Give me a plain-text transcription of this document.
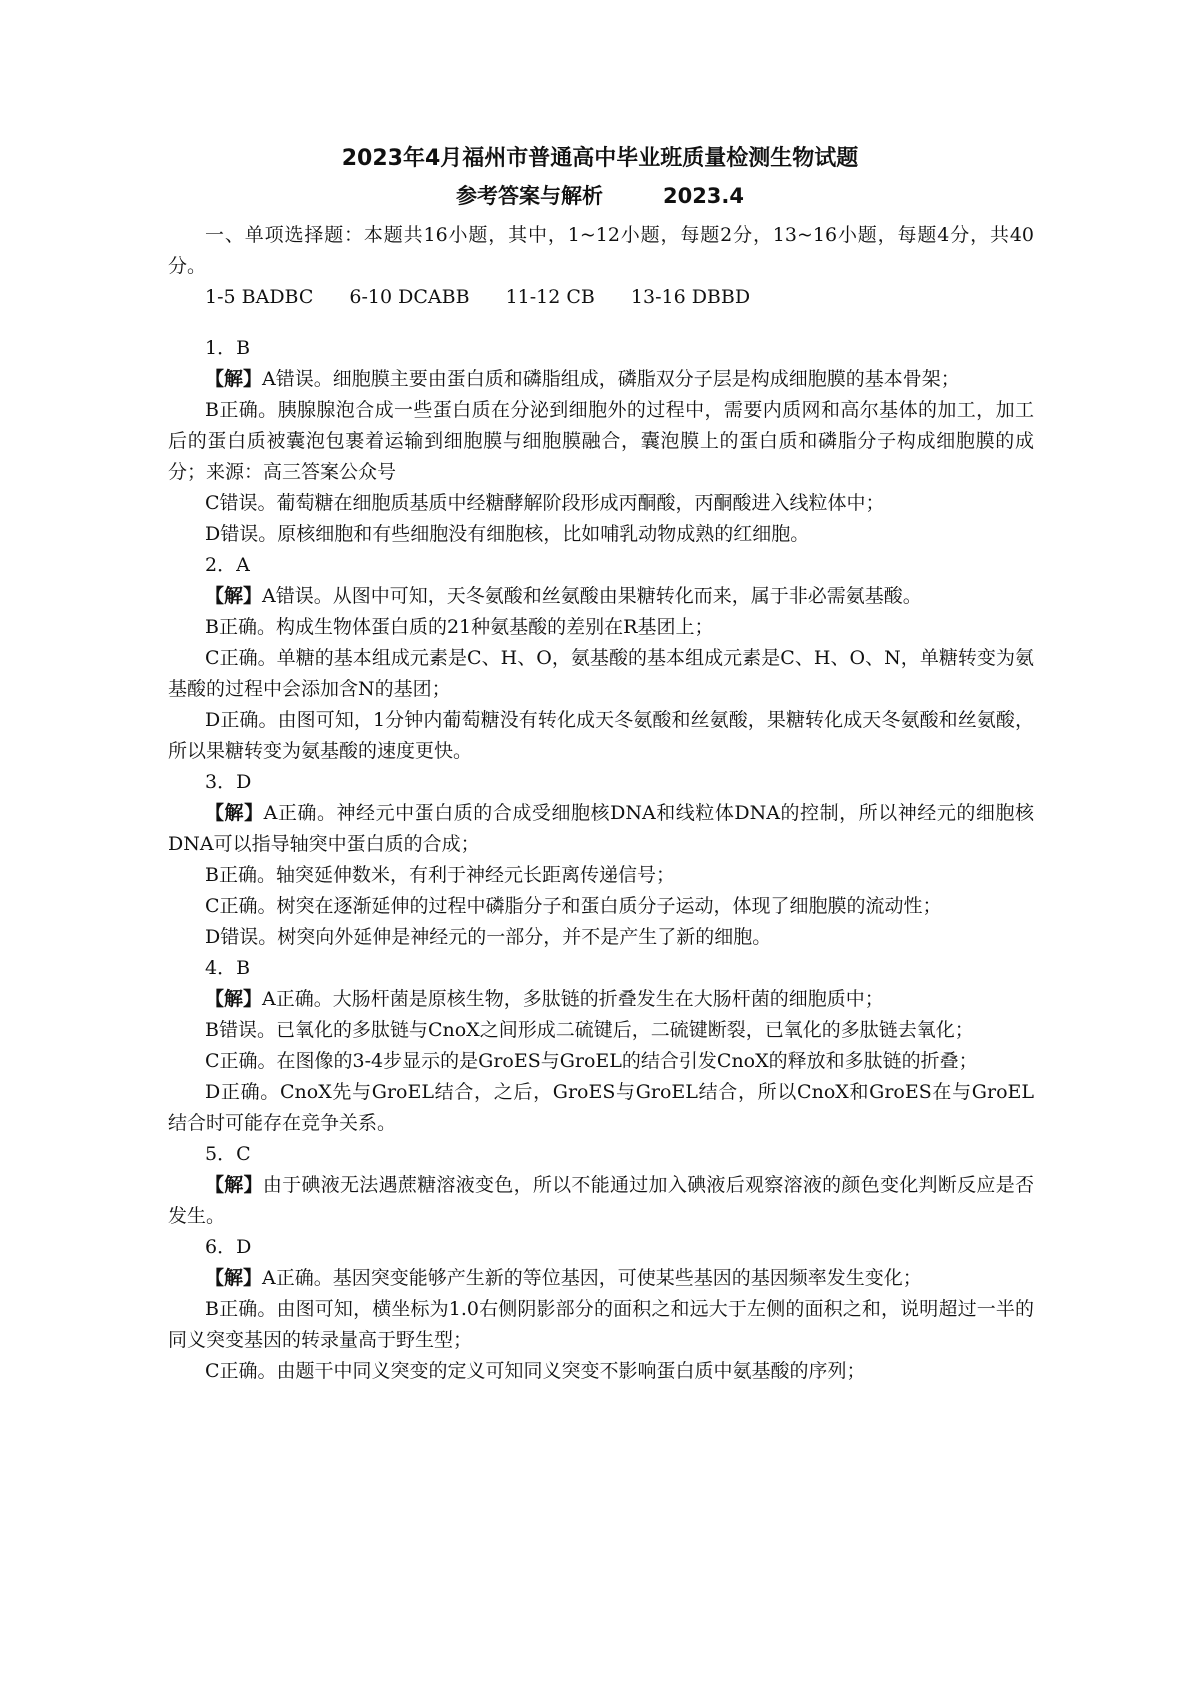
2023年4月福州市普通高中毕业班质量检测生物试题
参考答案与解析	2023.4

一、单项选择题：本题共16小题，其中，1~12小题，每题2分，13~16小题，每题4分，共40分。

1-5 BADBC 6-10 DCABB 11-12 CB 13-16 DBBD

1．B

【解】A错误。细胞膜主要由蛋白质和磷脂组成，磷脂双分子层是构成细胞膜的基本骨架；

B正确。胰腺腺泡合成一些蛋白质在分泌到细胞外的过程中，需要内质网和高尔基体的加工，加工后的蛋白质被囊泡包裹着运输到细胞膜与细胞膜融合，囊泡膜上的蛋白质和磷脂分子构成细胞膜的成分；来源：高三答案公众号

C错误。葡萄糖在细胞质基质中经糖酵解阶段形成丙酮酸，丙酮酸进入线粒体中；

D错误。原核细胞和有些细胞没有细胞核，比如哺乳动物成熟的红细胞。

2．A

【解】A错误。从图中可知，天冬氨酸和丝氨酸由果糖转化而来，属于非必需氨基酸。

B正确。构成生物体蛋白质的21种氨基酸的差别在R基团上；

C正确。单糖的基本组成元素是C、H、O，氨基酸的基本组成元素是C、H、O、N，单糖转变为氨基酸的过程中会添加含N的基团；

D正确。由图可知，1分钟内葡萄糖没有转化成天冬氨酸和丝氨酸，果糖转化成天冬氨酸和丝氨酸，所以果糖转变为氨基酸的速度更快。

3．D

【解】A正确。神经元中蛋白质的合成受细胞核DNA和线粒体DNA的控制，所以神经元的细胞核DNA可以指导轴突中蛋白质的合成；

B正确。轴突延伸数米，有利于神经元长距离传递信号；

C正确。树突在逐渐延伸的过程中磷脂分子和蛋白质分子运动，体现了细胞膜的流动性；

D错误。树突向外延伸是神经元的一部分，并不是产生了新的细胞。

4．B

【解】A正确。大肠杆菌是原核生物，多肽链的折叠发生在大肠杆菌的细胞质中；

B错误。已氧化的多肽链与CnoX之间形成二硫键后，二硫键断裂，已氧化的多肽链去氧化；

C正确。在图像的3-4步显示的是GroES与GroEL的结合引发CnoX的释放和多肽链的折叠；

D正确。CnoX先与GroEL结合，之后，GroES与GroEL结合，所以CnoX和GroES在与GroEL结合时可能存在竞争关系。

5．C

【解】由于碘液无法遇蔗糖溶液变色，所以不能通过加入碘液后观察溶液的颜色变化判断反应是否发生。

6．D

【解】A正确。基因突变能够产生新的等位基因，可使某些基因的基因频率发生变化；

B正确。由图可知，横坐标为1.0右侧阴影部分的面积之和远大于左侧的面积之和，说明超过一半的同义突变基因的转录量高于野生型；

C正确。由题干中同义突变的定义可知同义突变不影响蛋白质中氨基酸的序列；
